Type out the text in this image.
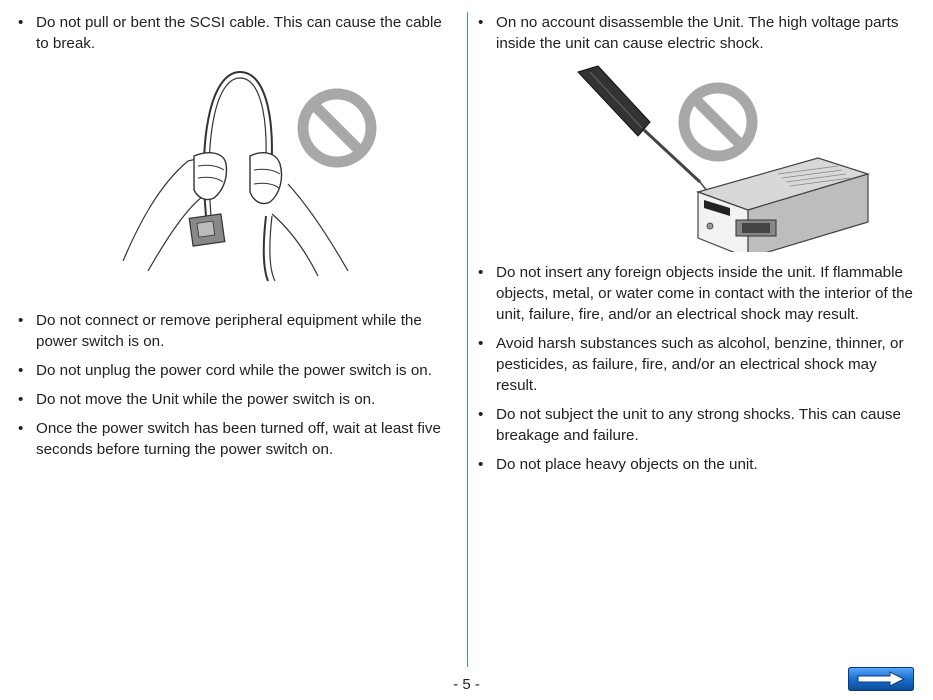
• Do not pull or bent the SCSI cable. This can cause the cable to break.
• Do not connect or remove peripheral equipment while the power switch is on.
• Do not unplug the power cord while the power switch is on.
• Do not move the Unit while the power switch is on.
• Once the power switch has been turned off, wait at least five seconds before turning the power switch on.
• On no account disassemble the Unit. The high voltage parts inside the unit can cause electric shock.
• Do not insert any foreign objects inside the unit. If flammable objects, metal, or water come in contact with the interior of the unit, failure, fire, and/or an electrical shock may result.
• Avoid harsh substances such as alcohol, benzine, thinner, or pesticides, as failure, fire, and/or an electrical shock may result.
• Do not subject the unit to any strong shocks. This can cause breakage and failure.
• Do not place heavy objects on the unit.
- 5 -
